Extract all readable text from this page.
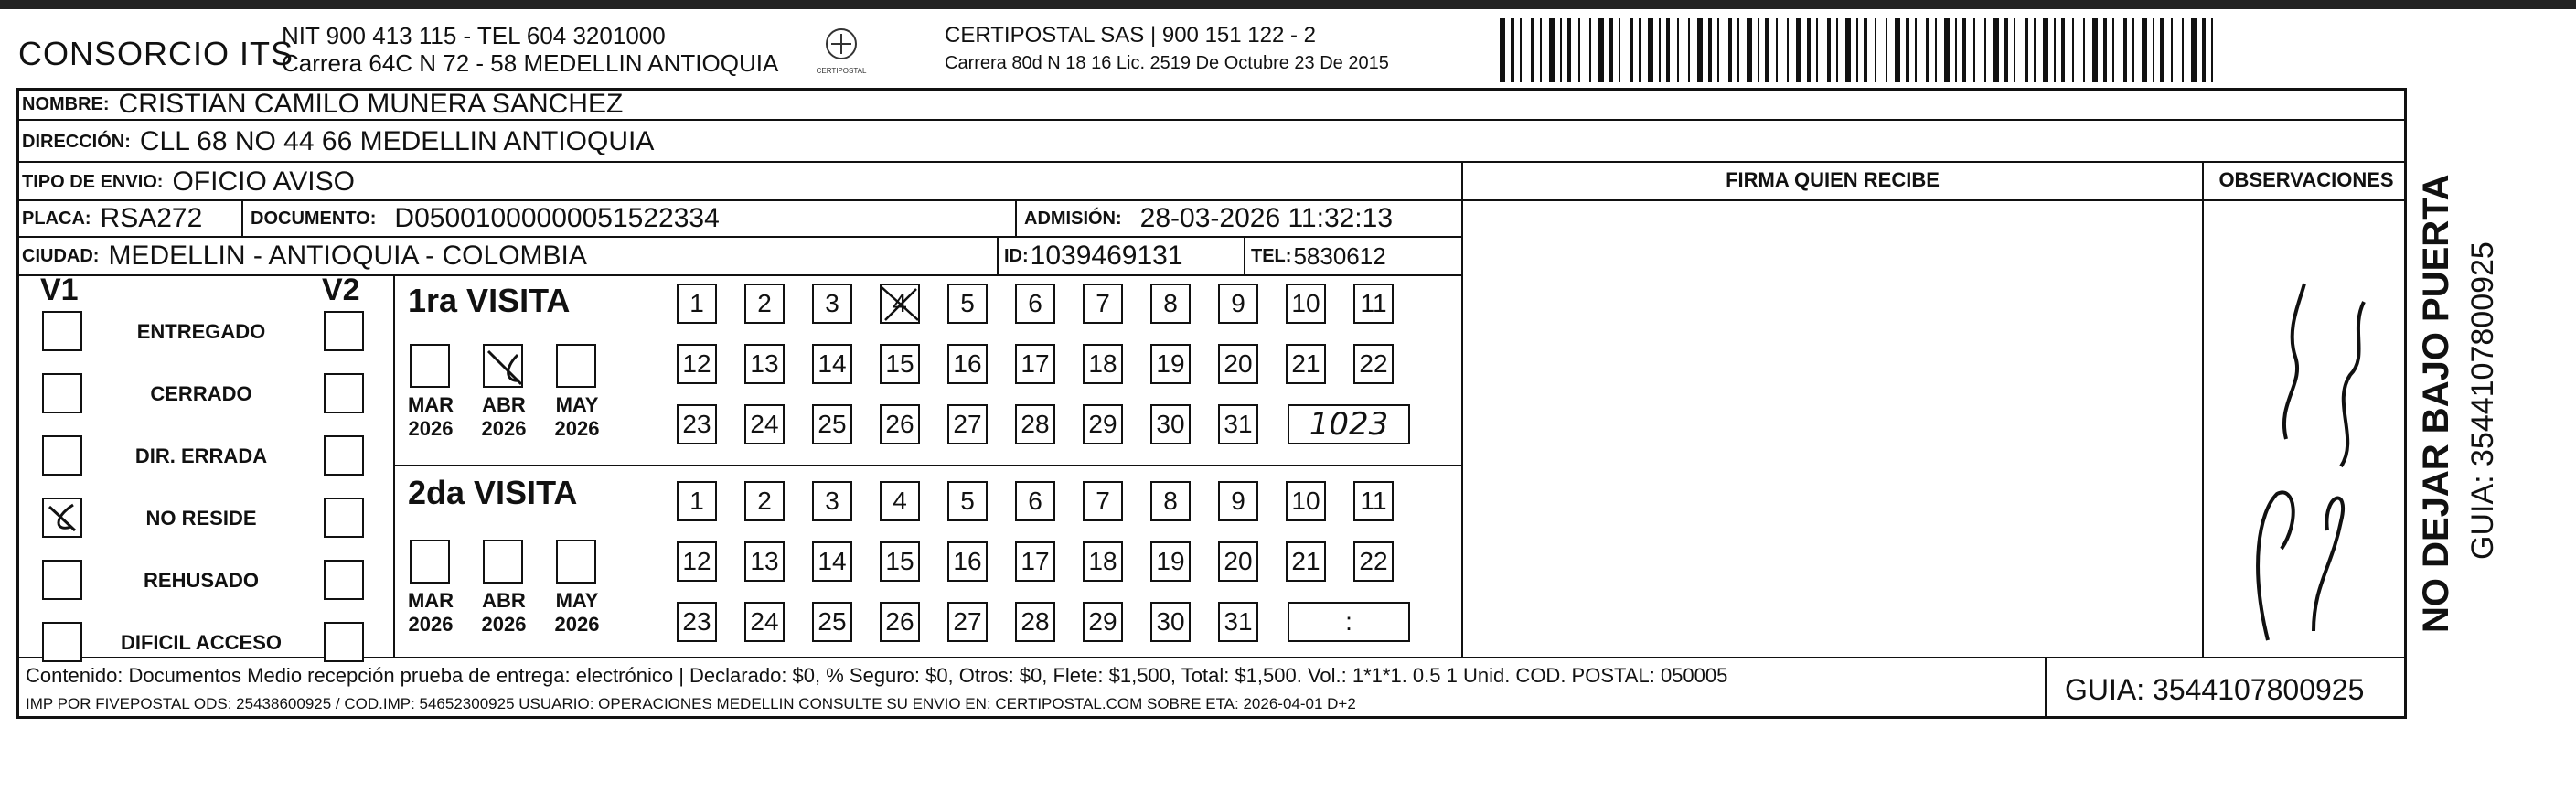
CONSORCIO ITS
NIT 900 413 115 - TEL 604 3201000
Carrera 64C N 72 - 58 MEDELLIN ANTIOQUIA	CERTIPOSTAL
CERTIPOSTAL SAS | 900 151 122 - 2
Carrera 80d N 18 16 Lic. 2519 De Octubre 23 De 2015
NOMBRE: CRISTIAN CAMILO MUNERA SANCHEZ
DIRECCIÓN: CLL 68 NO 44 66 MEDELLIN ANTIOQUIA
TIPO DE ENVIO: OFICIO AVISO
PLACA: RSA272	DOCUMENTO: D05001000000051522334	ADMISIÓN: 28-03-2026 11:32:13
CIUDAD: MEDELLIN - ANTIOQUIA - COLOMBIA	ID: 1039469131	TEL: 5830612
FIRMA QUIEN RECIBE	OBSERVACIONES
V1	V2
ENTREGADO
CERRADO
DIR. ERRADA
NO RESIDE
REHUSADO
DIFICIL ACCESO
1ra VISITA
MAR
2026
ABR
2026
MAY
2026
1 2 3 4 5 6 7 8 9 10 11
12 13 14 15 16 17 18 19 20 21 22
23 24 25 26 27 28 29 30 31 1023
2da VISITA
MAR
2026
ABR
2026
MAY
2026
1 2 3 4 5 6 7 8 9 10 11
12 13 14 15 16 17 18 19 20 21 22
23 24 25 26 27 28 29 30 31	:	NO DEJAR BAJO PUERTA GUIA: 3544107800925
Contenido: Documentos Medio recepción prueba de entrega: electrónico | Declarado: $0, % Seguro: $0, Otros: $0, Flete: $1,500, Total: $1,500. Vol.: 1*1*1. 0.5 1 Unid. COD. POSTAL: 050005
IMP POR FIVEPOSTAL ODS: 25438600925 / COD.IMP: 54652300925 USUARIO: OPERACIONES MEDELLIN CONSULTE SU ENVIO EN: CERTIPOSTAL.COM SOBRE ETA: 2026-04-01 D+2	GUIA: 3544107800925
